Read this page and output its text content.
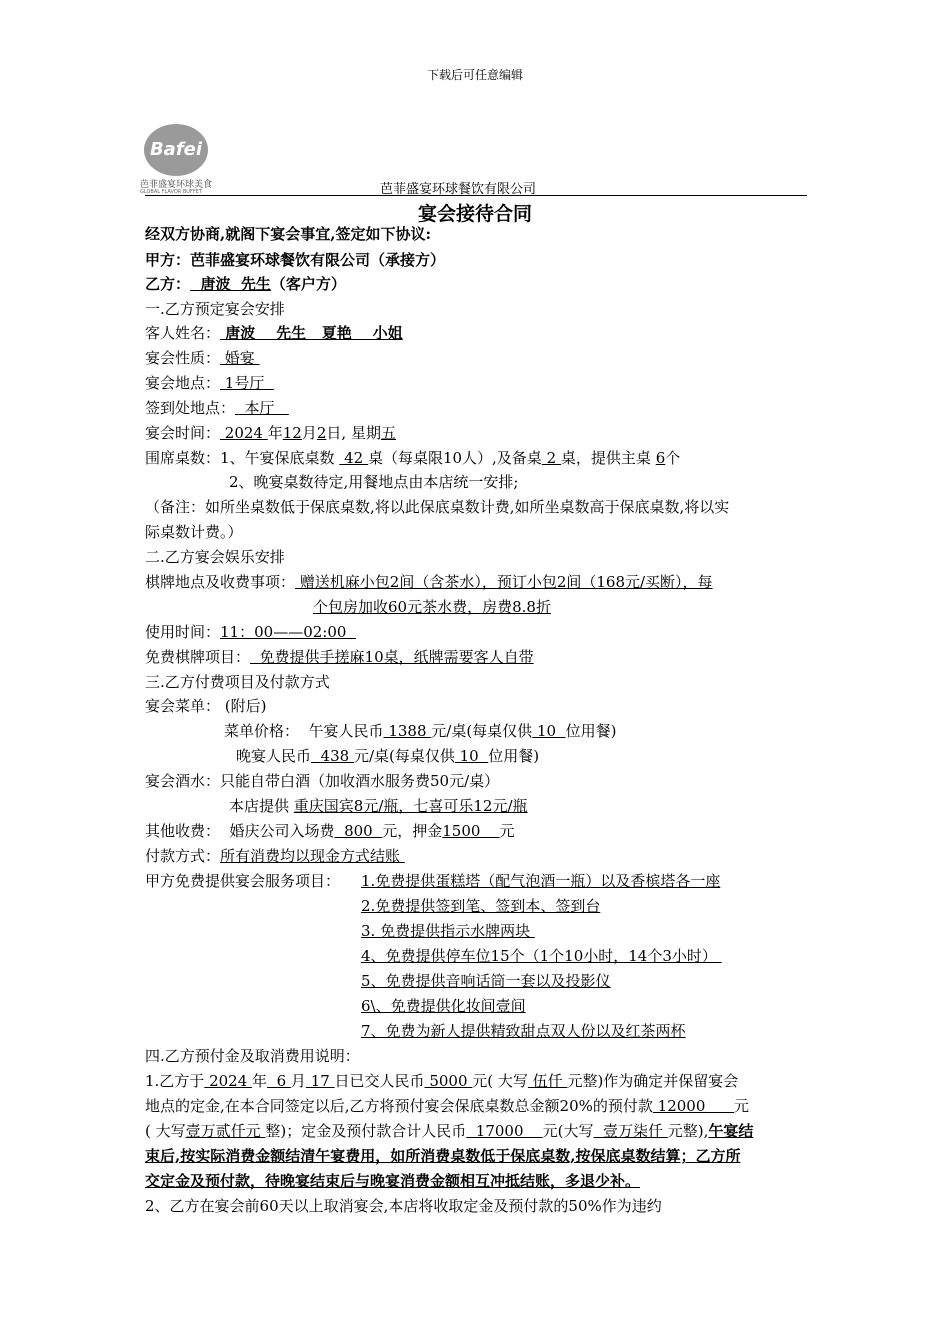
下载后可任意编辑
Bafei
芭菲盛宴环球美食
GLOBAL FLAVOR BUFFET	芭菲盛宴环球餐饮有限公司
宴会接待合同
经双方协商,就阁下宴会事宜,签定如下协议:
甲方：芭菲盛宴环球餐饮有限公司（承接方）
乙方：  唐波  先生（客户方）
一.乙方预定宴会安排
客人姓名： 唐波    先生   夏艳    小姐
宴会性质： 婚宴
宴会地点： 1号厅
签到处地点：  本厅
宴会时间： 2024 年12月2日, 星期五
围席桌数：1、午宴保底桌数  42 桌（每桌限10人）,及备桌 2 桌，提供主桌 6个
2、晚宴桌数待定,用餐地点由本店统一安排;
（备注：如所坐桌数低于保底桌数,将以此保底桌数计费,如所坐桌数高于保底桌数,将以实
际桌数计费。）
二.乙方宴会娱乐安排
棋牌地点及收费事项： 赠送机麻小包2间（含茶水），预订小包2间（168元/买断），每
个包房加收60元茶水费，房费8.8折
使用时间：11：00——02:00
免费棋牌项目：  免费提供手搓麻10桌，纸牌需要客人自带
三.乙方付费项目及付款方式
宴会菜单： (附后)
菜单价格：  午宴人民币 1388 元/桌(每桌仅供 10  位用餐)
晚宴人民币  438 元/桌(每桌仅供 10  位用餐)
宴会酒水：只能自带白酒（加收酒水服务费50元/桌）
本店提供 重庆国宾8元/瓶，七喜可乐12元/瓶
其他收费：  婚庆公司入场费  800  元，押金1500    元
付款方式：所有消费均以现金方式结账
甲方免费提供宴会服务项目： 1.免费提供蛋糕塔（配气泡酒一瓶）以及香槟塔各一座
2.免费提供签到笔、签到本、签到台
3. 免费提供指示水牌两块
4、免费提供停车位15个（1个10小时，14个3小时）
5、免费提供音响话筒一套以及投影仪
6\、免费提供化妆间壹间
7、免费为新人提供精致甜点双人份以及红茶两杯
四.乙方预付金及取消费用说明：
1.乙方于 2024 年  6 月 17 日已交人民币 5000 元( 大写 伍仟 元整)作为确定并保留宴会
地点的定金,在本合同签定以后,乙方将预付宴会保底桌数总金额20%的预付款 12000      元
( 大写壹万贰仟元 整)；定金及预付款合计人民币  17000    元(大写  壹万柒仟 元整),午宴结
束后,按实际消费金额结清午宴费用，如所消费桌数低于保底桌数,按保底桌数结算；乙方所
交定金及预付款，待晚宴结束后与晚宴消费金额相互冲抵结账，多退少补。
2、乙方在宴会前60天以上取消宴会,本店将收取定金及预付款的50%作为违约
